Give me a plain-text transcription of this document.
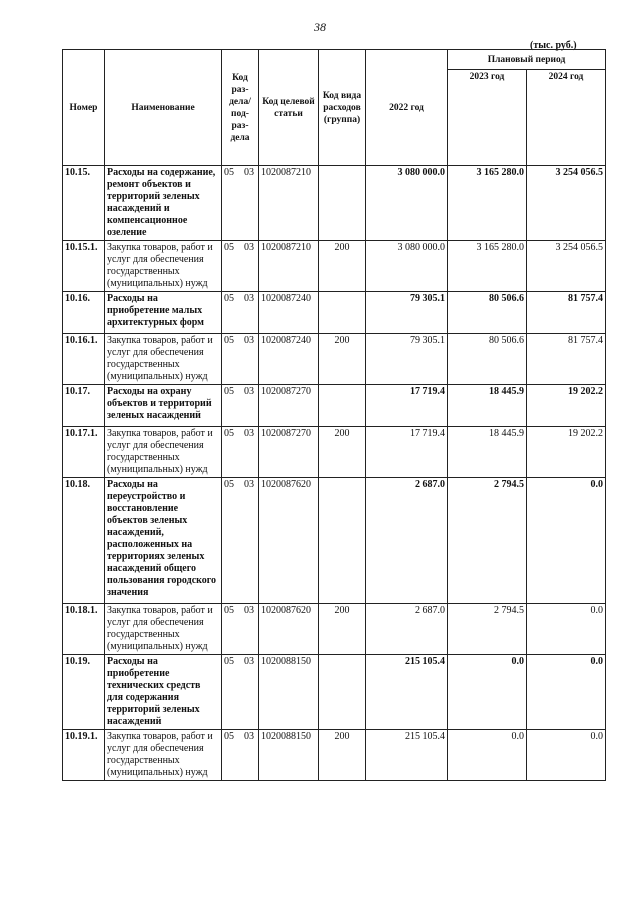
38
(тыс. руб.)
Номер	Наименование	Код раз-дела/ под-раз-дела	Код целевой статьи	Код вида расходов (группа)	2022 год	Плановый период	
						2023 год	2024 год
10.15.	Расходы на содержание, ремонт объектов и территорий зеленых насаждений и компенсационное озеление	05 03	1020087210		3 080 000.0	3 165 280.0	3 254 056.5
10.15.1.	Закупка товаров, работ и услуг для обеспечения государственных (муниципальных) нужд	05 03	1020087210	200	3 080 000.0	3 165 280.0	3 254 056.5
10.16.	Расходы на приобретение малых архитектурных форм	05 03	1020087240		79 305.1	80 506.6	81 757.4
10.16.1.	Закупка товаров, работ и услуг для обеспечения государственных (муниципальных) нужд	05 03	1020087240	200	79 305.1	80 506.6	81 757.4
10.17.	Расходы на охрану объектов и территорий зеленых насаждений	05 03	1020087270		17 719.4	18 445.9	19 202.2
10.17.1.	Закупка товаров, работ и услуг для обеспечения государственных (муниципальных) нужд	05 03	1020087270	200	17 719.4	18 445.9	19 202.2
10.18.	Расходы на переустройство и восстановление объектов зеленых насаждений, расположенных на территориях зеленых насаждений общего пользования городского значения	05 03	1020087620		2 687.0	2 794.5	0.0
10.18.1.	Закупка товаров, работ и услуг для обеспечения государственных (муниципальных) нужд	05 03	1020087620	200	2 687.0	2 794.5	0.0
10.19.	Расходы на приобретение технических средств для содержания территорий зеленых насаждений	05 03	1020088150		215 105.4	0.0	0.0
10.19.1.	Закупка товаров, работ и услуг для обеспечения государственных (муниципальных) нужд	05 03	1020088150	200	215 105.4	0.0	0.0
